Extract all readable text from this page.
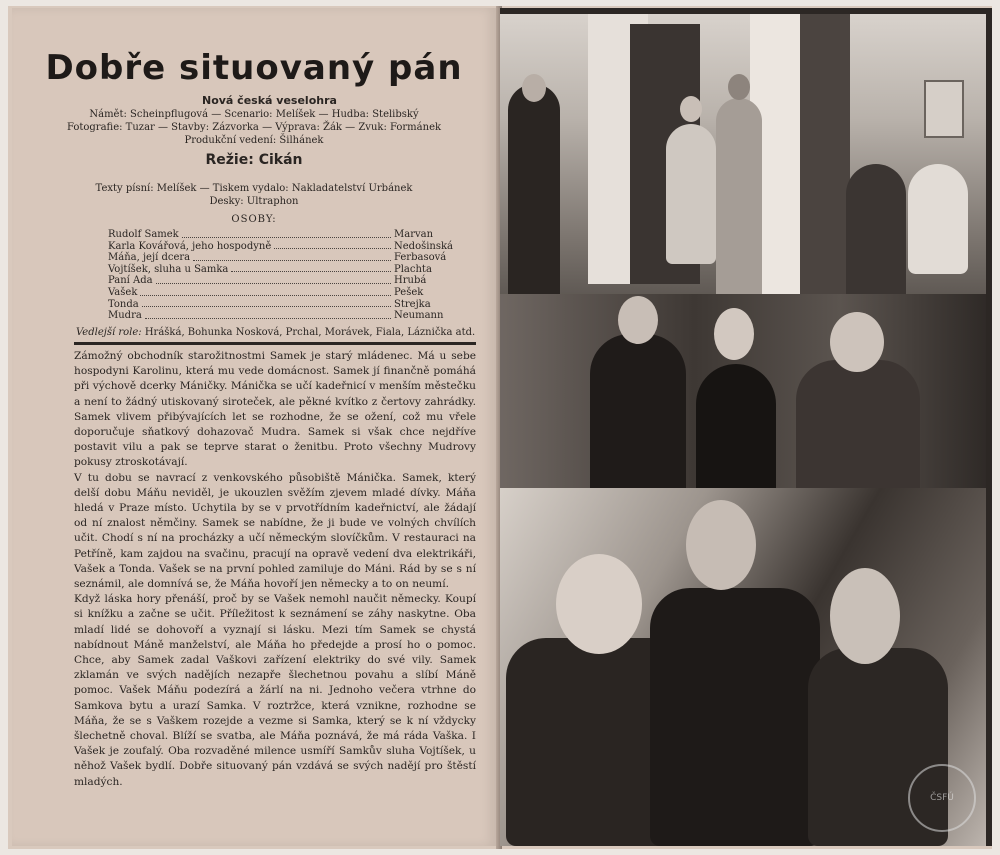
Dobře situovaný pán
Nová česká veselohra
Námět: Scheinpflugová — Scenario: Melíšek — Hudba: Stelibský
Fotografie: Tuzar — Stavby: Zázvorka — Výprava: Žák — Zvuk: Formánek
Produkční vedení: Šilhánek
Režie: Cikán
Texty písní: Melíšek — Tiskem vydalo: Nakladatelství Urbánek
Desky: Ultraphon
OSOBY:
Rudolf Samek	Marvan
Karla Kovářová, jeho hospodyně	Nedošinská
Máňa, její dcera	Ferbasová
Vojtíšek, sluha u Samka	Plachta
Paní Ada	Hrubá
Vašek	Pešek
Tonda	Strejka
Mudra	Neumann
Vedlejší role: Hrášká, Bohunka Nosková, Prchal, Morávek, Fiala, Láznička atd.

Zámožný obchodník starožitnostmi Samek je starý mládenec. Má u sebe hospodyni Karolinu, která mu vede domácnost. Samek jí finančně pomáhá při výchově dcerky Máničky. Mánička se učí kadeřnicí v menším městečku a není to žádný utiskovaný siroteček, ale pěkné kvítko z čertovy zahrádky. Samek vlivem přibývajících let se rozhodne, že se ožení, což mu vřele doporučuje sňatkový dohazovač Mudra. Samek si však chce nejdříve postavit vilu a pak se teprve starat o ženitbu. Proto všechny Mudrovy pokusy ztroskotávají.

V tu dobu se navrací z venkovského působiště Mánička. Samek, který delší dobu Máňu neviděl, je ukouzlen svěžím zjevem mladé dívky. Máňa hledá v Praze místo. Uchytila by se v prvotřídním kadeřnictví, ale žádají od ní znalost němčiny. Samek se nabídne, že ji bude ve volných chvílích učit. Chodí s ní na procházky a učí německým slovíčkům. V restauraci na Petříně, kam zajdou na svačinu, pracují na opravě vedení dva elektrikáři, Vašek a Tonda. Vašek se na první pohled zamiluje do Máni. Rád by se s ní seznámil, ale domnívá se, že Máňa hovoří jen německy a to on neumí.

Když láska hory přenáší, proč by se Vašek nemohl naučit německy. Koupí si knížku a začne se učit. Příležitost k seznámení se záhy naskytne. Oba mladí lidé se dohovoří a vyznají si lásku. Mezi tím Samek se chystá nabídnout Máně manželství, ale Máňa ho předejde a prosí ho o pomoc. Chce, aby Samek zadal Vaškovi zařízení elektriky do své vily. Samek zklamán ve svých nadějích nezapře šlechetnou povahu a slíbí Máně pomoc. Vašek Máňu podezírá a žárlí na ni. Jednoho večera vtrhne do Samkova bytu a urazí Samka. V roztržce, která vznikne, rozhodne se Máňa, že se s Vaškem rozejde a vezme si Samka, který se k ní vždycky šlechetně choval. Blíží se svatba, ale Máňa poznává, že má ráda Vaška. I Vašek je zoufalý. Oba rozvaděné milence usmíří Samkův sluha Vojtíšek, u něhož Vašek bydlí. Dobře situovaný pán vzdává se svých nadějí pro štěstí mladých.

ČSFÚ
